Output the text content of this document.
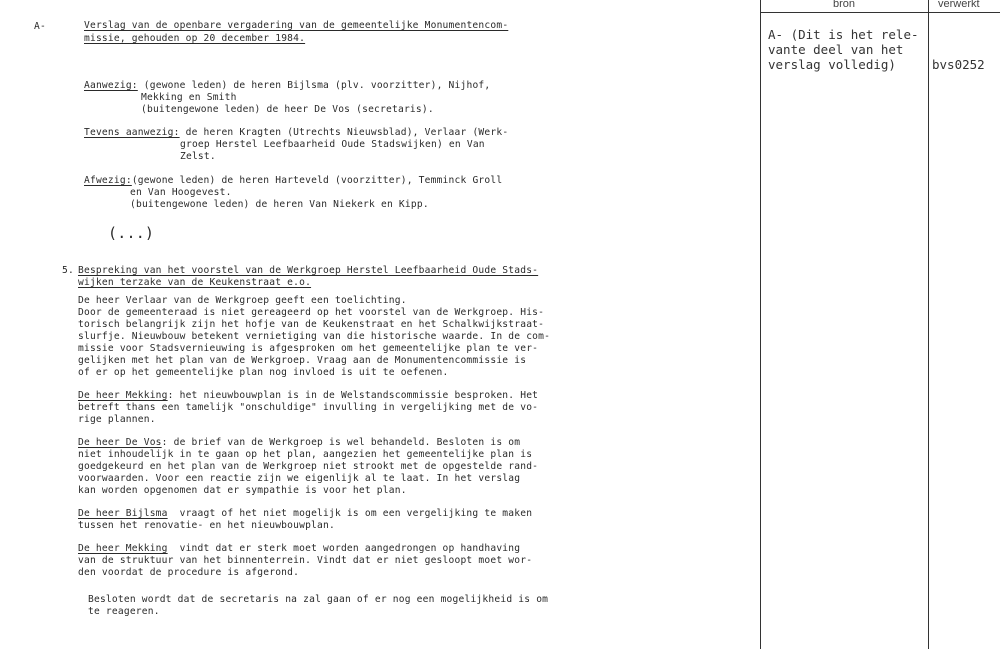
bron	verwerkt
A- (Dit is het rele-
vante deel van het
verslag volledig)	bvs0252
A-	Verslag van de openbare vergadering van de gemeentelijke Monumentencom-
missie, gehouden op 20 december 1984.
Aanwezig: (gewone leden) de heren Bijlsma (plv. voorzitter), Nijhof,
Mekking en Smith
(buitengewone leden) de heer De Vos (secretaris).
Tevens aanwezig: de heren Kragten (Utrechts Nieuwsblad), Verlaar (Werk-
groep Herstel Leefbaarheid Oude Stadswijken) en Van
Zelst.
Afwezig:(gewone leden) de heren Harteveld (voorzitter), Temminck Groll
en Van Hoogevest.
(buitengewone leden) de heren Van Niekerk en Kipp.
(...)
5. Bespreking van het voorstel van de Werkgroep Herstel Leefbaarheid Oude Stads-
wijken terzake van de Keukenstraat e.o.
De heer Verlaar van de Werkgroep geeft een toelichting.
Door de gemeenteraad is niet gereageerd op het voorstel van de Werkgroep. His-
torisch belangrijk zijn het hofje van de Keukenstraat en het Schalkwijkstraat-
slurfje. Nieuwbouw betekent vernietiging van die historische waarde. In de com-
missie voor Stadsvernieuwing is afgesproken om het gemeentelijke plan te ver-
gelijken met het plan van de Werkgroep. Vraag aan de Monumentencommissie is
of er op het gemeentelijke plan nog invloed is uit te oefenen.
De heer Mekking: het nieuwbouwplan is in de Welstandscommissie besproken. Het
betreft thans een tamelijk "onschuldige" invulling in vergelijking met de vo-
rige plannen.
De heer De Vos: de brief van de Werkgroep is wel behandeld. Besloten is om
niet inhoudelijk in te gaan op het plan, aangezien het gemeentelijke plan is
goedgekeurd en het plan van de Werkgroep niet strookt met de opgestelde rand-
voorwaarden. Voor een reactie zijn we eigenlijk al te laat. In het verslag
kan worden opgenomen dat er sympathie is voor het plan.
De heer Bijlsma  vraagt of het niet mogelijk is om een vergelijking te maken
tussen het renovatie- en het nieuwbouwplan.
De heer Mekking  vindt dat er sterk moet worden aangedrongen op handhaving
van de struktuur van het binnenterrein. Vindt dat er niet gesloopt moet wor-
den voordat de procedure is afgerond.
Besloten wordt dat de secretaris na zal gaan of er nog een mogelijkheid is om
te reageren.
